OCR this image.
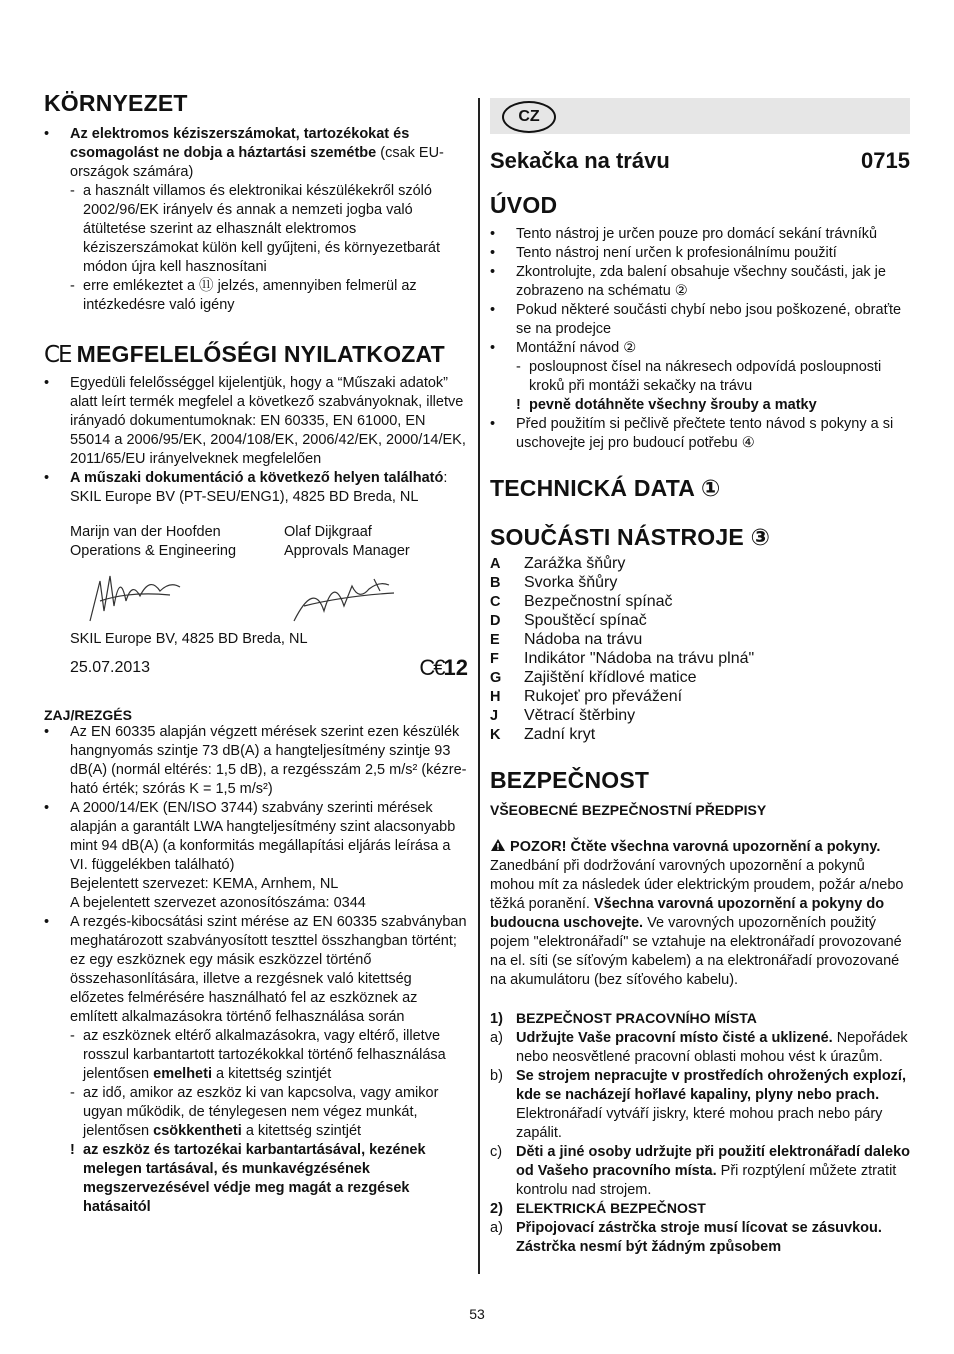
KÖRNYEZET
• Az elektromos kéziszerszámokat, tartozékokat és csomagolást ne dobja a háztartási szemétbe (csak EU-országok számára)
- a használt villamos és elektronikai készülékekről szóló 2002/96/EK irányelv és annak a nemzeti jogba való átültetése szerint az elhasznált elektromos kéziszerszámokat külön kell gyűjteni, és környezetbarát módon újra kell hasznosítani
- erre emlékeztet a ⑪ jelzés, amennyiben felmerül az intézkedésre való igény
CE MEGFELELŐSÉGI NYILATKOZAT
• Egyedüli felelősséggel kijelentjük, hogy a “Műszaki adatok” alatt leírt termék megfelel a következő szabványoknak, illetve irányadó dokumentumoknak: EN 60335, EN 61000, EN 55014 a 2006/95/EK, 2004/108/EK, 2006/42/EK, 2000/14/EK, 2011/65/EU irányelveknek megfelelően
• A műszaki dokumentáció a következő helyen található: SKIL Europe BV (PT-SEU/ENG1), 4825 BD Breda, NL
Marijn van der Hoofden
Operations & Engineering
Olaf Dijkgraaf
Approvals Manager
SKIL Europe BV, 4825 BD Breda, NL
25.07.2013	C€12
ZAJ/REZGÉS
• Az EN 60335 alapján végzett mérések szerint ezen készülék hangnyomás szintje 73 dB(A) a hangteljesítmény szintje 93 dB(A) (normál eltérés: 1,5 dB), a rezgésszám 2,5 m/s² (kézre-ható érték; szórás K = 1,5 m/s²)
• A 2000/14/EK (EN/ISO 3744) szabvány szerinti mérések alapján a garantált LWA hangteljesítmény szint alacsonyabb mint 94 dB(A) (a konformitás megállapítási eljárás leírása a VI. függelékben található)
Bejelentett szervezet: KEMA, Arnhem, NL
A bejelentett szervezet azonosítószáma: 0344
• A rezgés-kibocsátási szint mérése az EN 60335 szabványban meghatározott szabványosított teszttel összhangban történt; ez egy eszköznek egy másik eszközzel történő összehasonlítására, illetve a rezgésnek való kitettség előzetes felmérésére használható fel az eszköznek az említett alkalmazásokra történő felhasználása során
- az eszköznek eltérő alkalmazásokra, vagy eltérő, illetve rosszul karbantartott tartozékokkal történő felhasználása jelentősen emelheti a kitettség szintjét
- az idő, amikor az eszköz ki van kapcsolva, vagy amikor ugyan működik, de ténylegesen nem végez munkát, jelentősen csökkentheti a kitettség szintjét
! az eszköz és tartozékai karbantartásával, kezének melegen tartásával, és munkavégzésének megszervezésével védje meg magát a rezgések hatásaitól
CZ
Sekačka na trávu	0715
ÚVOD
• Tento nástroj je určen pouze pro domácí sekání trávníků
• Tento nástroj není určen k profesionálnímu použití
• Zkontrolujte, zda balení obsahuje všechny součásti, jak je zobrazeno na schématu ②
• Pokud některé součásti chybí nebo jsou poškozené, obraťte se na prodejce
• Montážní návod ②
- posloupnost čísel na nákresech odpovídá posloupnosti kroků při montáži sekačky na trávu
! pevně dotáhněte všechny šrouby a matky
• Před použitím si pečlivě přečtete tento návod s pokyny a si uschovejte jej pro budoucí potřebu ④
TECHNICKÁ DATA ①
SOUČÁSTI NÁSTROJE ③
A	Zarážka šňůry
B	Svorka šňůry
C	Bezpečnostní spínač
D	Spouštěcí spínač
E	Nádoba na trávu
F	Indikátor "Nádoba na trávu plná"
G	Zajištění křídlové matice
H	Rukojeť pro převážení
J	Větrací štěrbiny
K	Zadní kryt
BEZPEČNOST
VŠEOBECNÉ BEZPEČNOSTNÍ PŘEDPISY

POZOR! Čtěte všechna varovná upozornění a pokyny. Zanedbání při dodržování varovných upozornění a pokynů mohou mít za následek úder elektrickým proudem, požár a/nebo těžká poranění. Všechna varovná upozornění a pokyny do budoucna uschovejte. Ve varovných upozorněních použitý pojem "elektronářadí" se vztahuje na elektronářadí provozované na el. síti (se síťovým kabelem) a na elektronářadí provozované na akumulátoru (bez síťového kabelu).

1) BEZPEČNOST PRACOVNÍHO MÍSTA
a) Udržujte Vaše pracovní místo čisté a uklizené. Nepořádek nebo neosvětlené pracovní oblasti mohou vést k úrazům.

b) Se strojem nepracujte v prostředích ohrožených explozí, kde se nacházejí hořlavé kapaliny, plyny nebo prach. Elektronářadí vytváří jiskry, které mohou prach nebo páry zapálit.

c) Děti a jiné osoby udržujte při použití elektronářadí daleko od Vašeho pracovního místa. Při rozptýlení můžete ztratit kontrolu nad strojem.

2) ELEKTRICKÁ BEZPEČNOST
a) Připojovací zástrčka stroje musí lícovat se zásuvkou. Zástrčka nesmí být žádným způsobem

53
